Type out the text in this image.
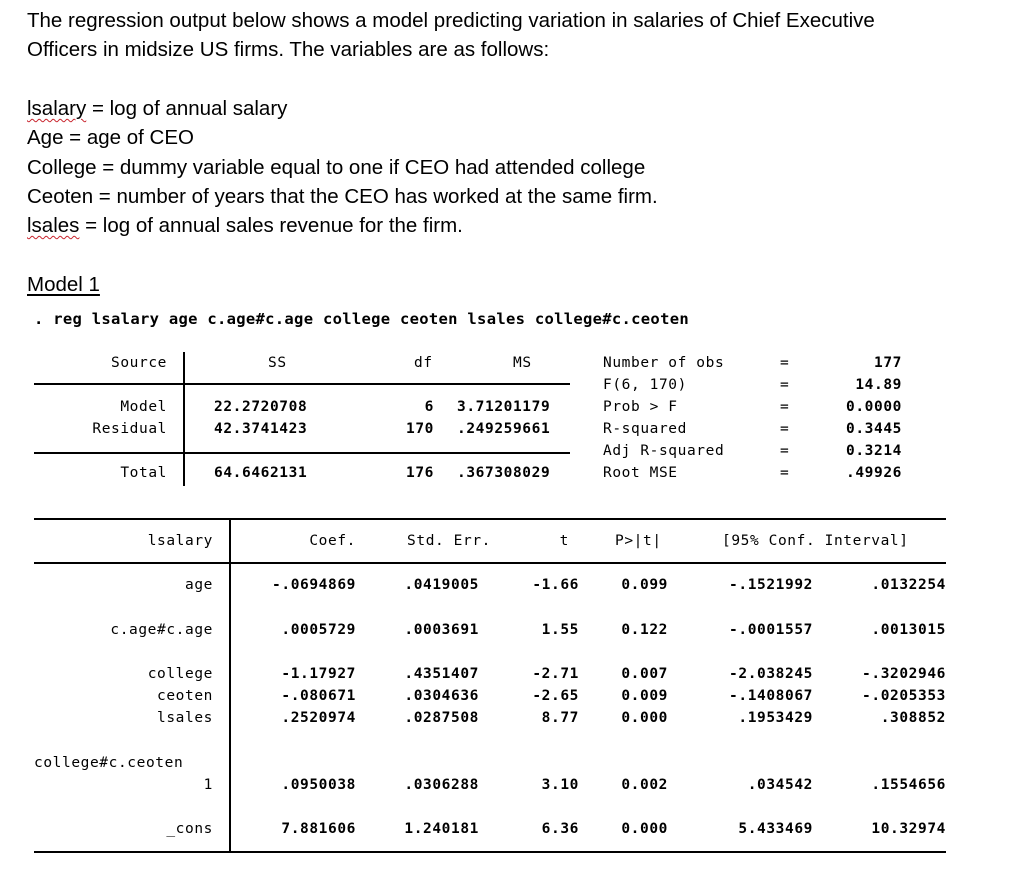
The regression output below shows a model predicting variation in salaries of Chief Executive
Officers in midsize US firms. The variables are as follows:
lsalary = log of annual salary
Age = age of CEO
College = dummy variable equal to one if CEO had attended college
Ceoten = number of years that the CEO has worked at the same firm.
lsales = log of annual sales revenue for the firm.
Model 1
. reg lsalary age c.age#c.age college ceoten lsales college#c.ceoten
Source	SS	df	MS
Model	22.2720708	6 3.71201179
Residual	42.3741423	170 .249259661
Total	64.6462131	176 .367308029
Number of obs	=	177
F(6, 170)	=	14.89
Prob > F	=	0.0000
R-squared	=	0.3445
Adj R-squared	=	0.3214
Root MSE	=	.49926
lsalary	Coef.	Std. Err.	t	P>|t|	[95% Conf. Interval]
age	-.0694869	.0419005	-1.66	0.099	-.1521992	.0132254
c.age#c.age	.0005729	.0003691	1.55	0.122	-.0001557	.0013015
college	-1.17927	.4351407	-2.71	0.007	-2.038245	-.3202946
ceoten	-.080671	.0304636	-2.65	0.009	-.1408067	-.0205353
lsales	.2520974	.0287508	8.77	0.000	.1953429	.308852
college#c.ceoten
1	.0950038	.0306288	3.10	0.002	.034542	.1554656
_cons	7.881606	1.240181	6.36	0.000	5.433469	10.32974
